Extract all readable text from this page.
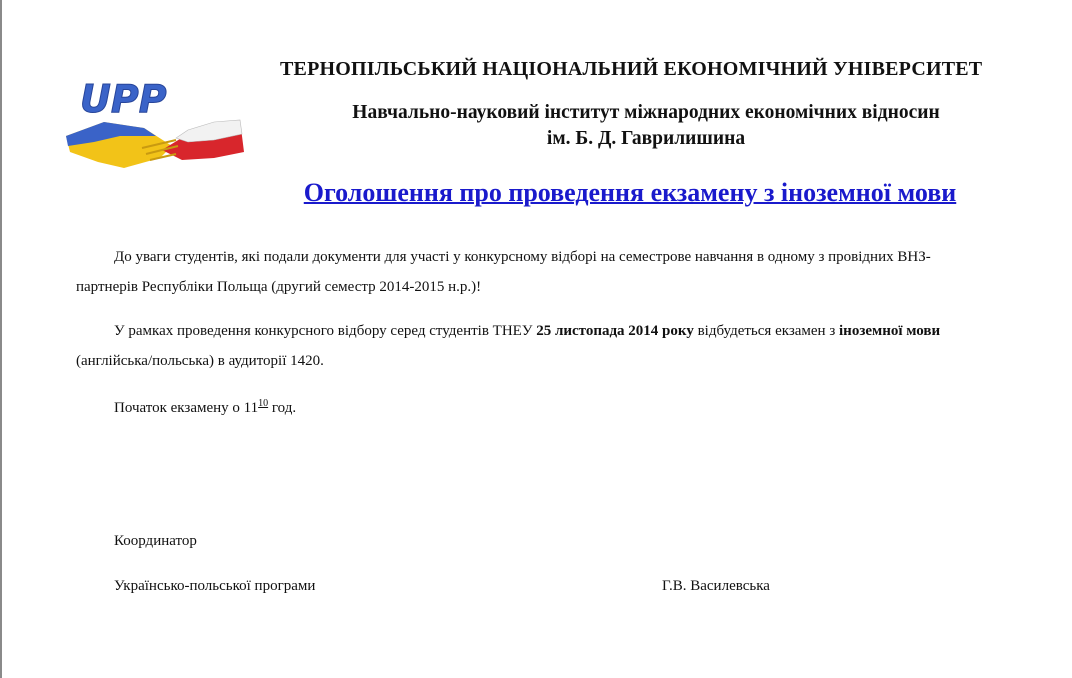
UPP
ТЕРНОПІЛЬСЬКИЙ НАЦІОНАЛЬНИЙ ЕКОНОМІЧНИЙ УНІВЕРСИТЕТ
Навчально-науковий інститут міжнародних економічних відносин
ім. Б. Д. Гаврилишина
Оголошення про проведення екзамену з іноземної мови
До уваги студентів, які подали документи для участі у конкурсному відборі на семестрове навчання в одному з провідних ВНЗ-
партнерів Республіки Польща (другий семестр 2014-2015 н.р.)!
У рамках проведення конкурсного відбору серед студентів ТНЕУ 25 листопада 2014 року відбудеться екзамен з іноземної мови
(англійська/польська) в аудиторії 1420.
Початок екзамену о $11^{10}$ год.
Координатор
Українсько-польської програми	Г.В. Василевська
